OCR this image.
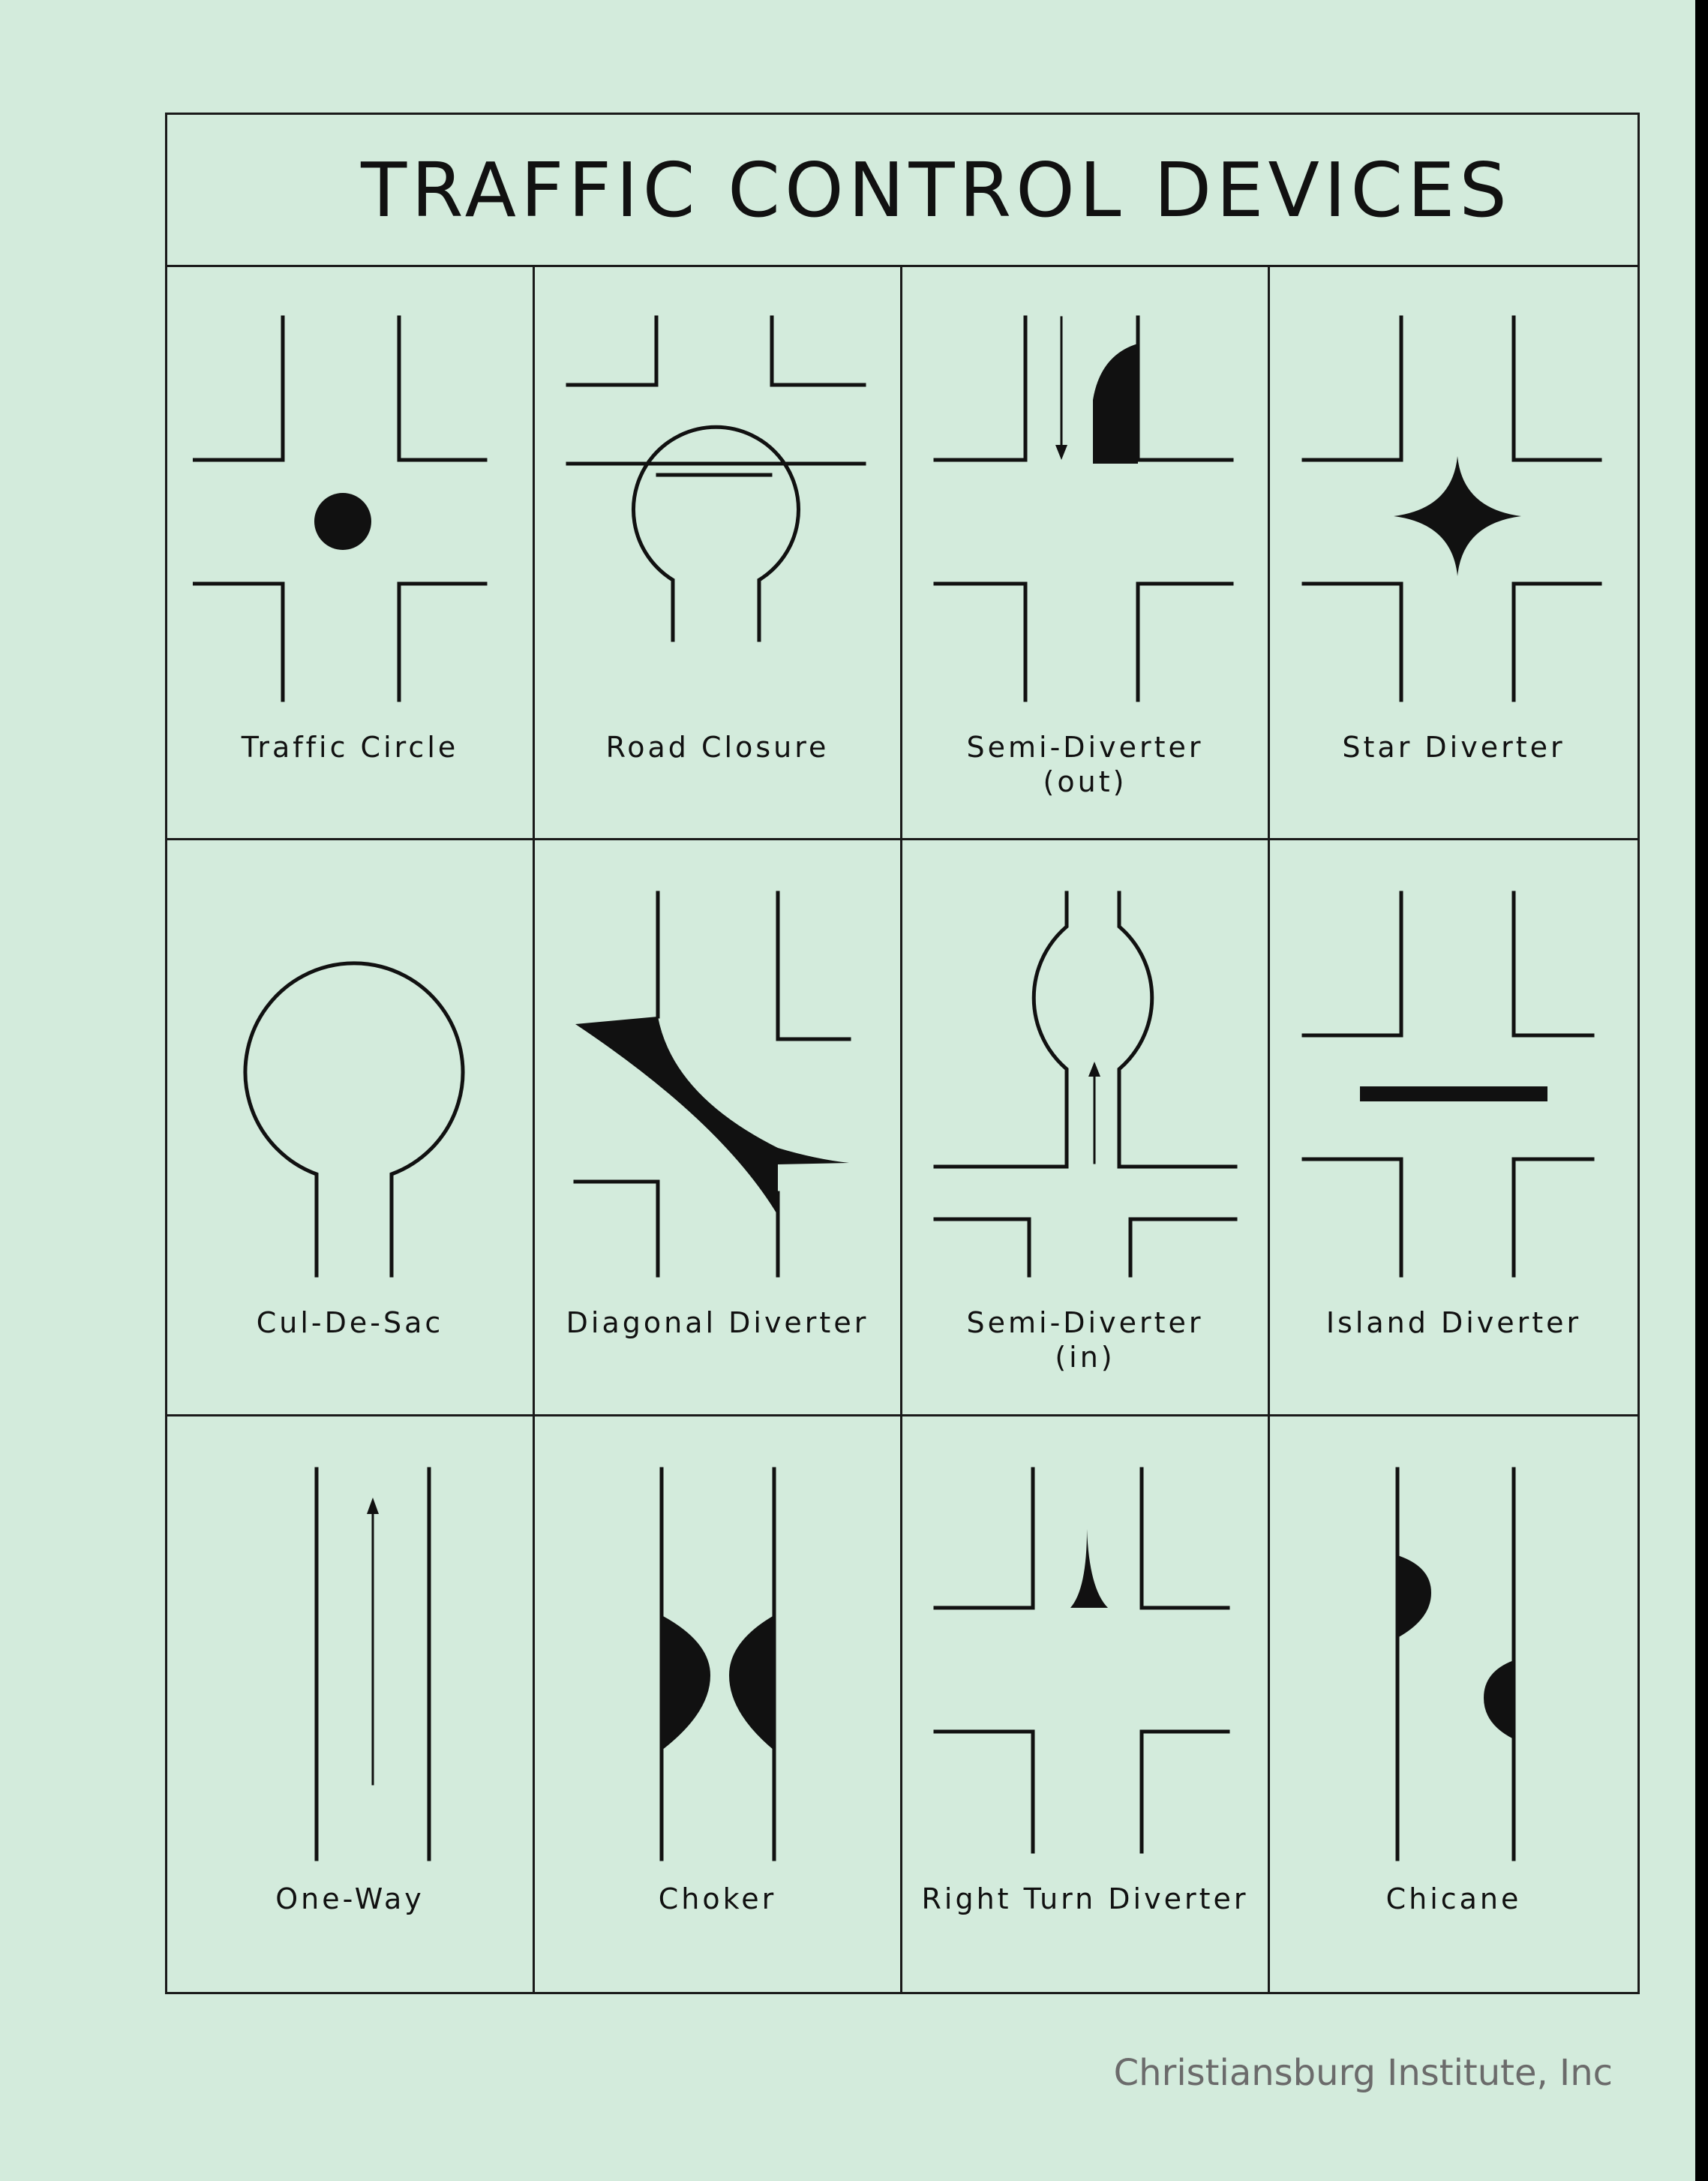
TRAFFIC CONTROL DEVICES
Traffic Circle	Road Closure	Semi-Diverter
(out)
Star Diverter
Cul-De-Sac	Diagonal Diverter	Semi-Diverter
(in)
Island Diverter
One-Way	Choker	Right Turn Diverter	Chicane
Christiansburg Institute, Inc
